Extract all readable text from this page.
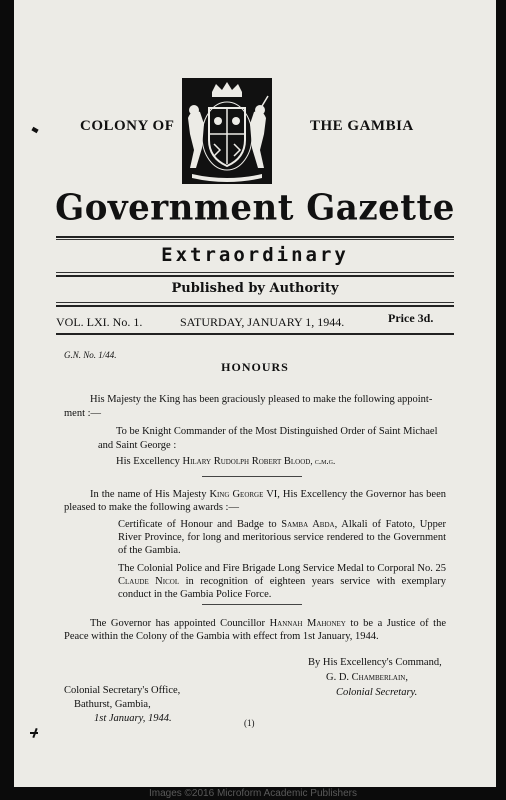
COLONY OF	THE GAMBIA
Government Gazette
Extraordinary
Published by Authority
VOL. LXI. No. 1.	SATURDAY, JANUARY 1, 1944.	Price 3d.
G.N. No. 1/44.
HONOURS
His Majesty the King has been graciously pleased to make the following appoint-
ment :—
To be Knight Commander of the Most Distinguished Order of Saint Michael
and Saint George :
His Excellency Hilary Rudolph Robert Blood, c.m.g.
In the name of His Majesty King George VI, His Excellency the Governor has been pleased to make the following awards :—
Certificate of Honour and Badge to Samba Abda, Alkali of Fatoto, Upper River Province, for long and meritorious service rendered to the Government of the Gambia.
The Colonial Police and Fire Brigade Long Service Medal to Corporal No. 25 Claude Nicol in recognition of eighteen years service with exemplary conduct in the Gambia Police Force.
The Governor has appointed Councillor Hannah Mahoney to be a Justice of the Peace within the Colony of the Gambia with effect from 1st January, 1944.
By His Excellency's Command,
G. D. Chamberlain,
Colonial Secretary.
Colonial Secretary's Office,
Bathurst, Gambia,
1st January, 1944.	(1)
Images ©2016 Microform Academic Publishers
